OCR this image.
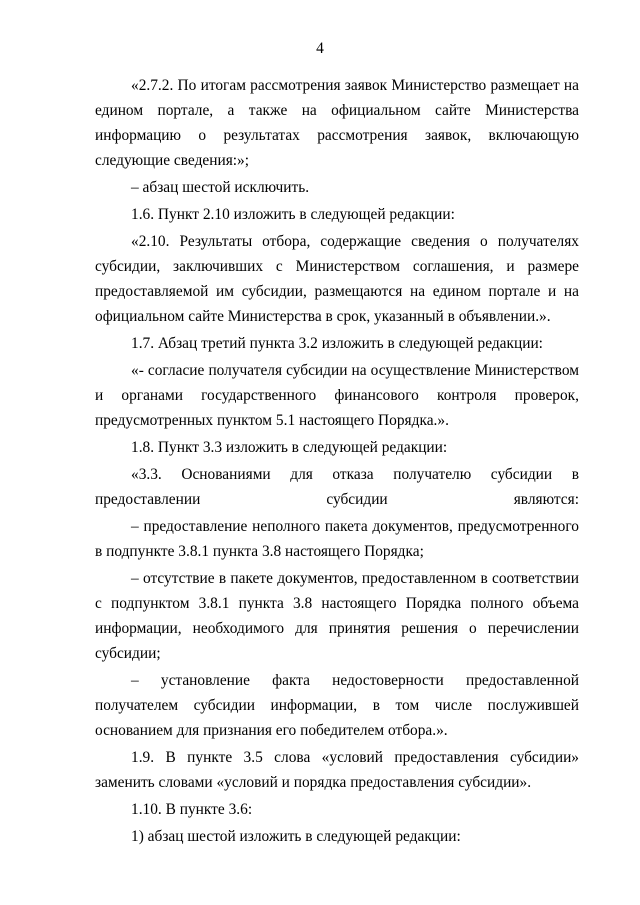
4

«2.7.2. По итогам рассмотрения заявок Министерство размещает на едином портале, а также на официальном сайте Министерства информацию о результатах рассмотрения заявок, включающую следующие сведения:»;

– абзац шестой исключить.

1.6. Пункт 2.10 изложить в следующей редакции:

«2.10. Результаты отбора, содержащие сведения о получателях субсидии, заключивших с Министерством соглашения, и размере предоставляемой им субсидии, размещаются на едином портале и на официальном сайте Министерства в срок, указанный в объявлении.».

1.7. Абзац третий пункта 3.2 изложить в следующей редакции:

«- согласие получателя субсидии на осуществление Министерством и органами государственного финансового контроля проверок, предусмотренных пунктом 5.1 настоящего Порядка.».

1.8. Пункт 3.3 изложить в следующей редакции:

«3.3. Основаниями для отказа получателю субсидии в предоставлении субсидии являются:

– предоставление неполного пакета документов, предусмотренного в подпункте 3.8.1 пункта 3.8 настоящего Порядка;

– отсутствие в пакете документов, предоставленном в соответствии с подпунктом 3.8.1 пункта 3.8 настоящего Порядка полного объема информации, необходимого для принятия решения о перечислении субсидии;

– установление факта недостоверности предоставленной получателем субсидии информации, в том числе послужившей основанием для признания его победителем отбора.».

1.9. В пункте 3.5 слова «условий предоставления субсидии» заменить словами «условий и порядка предоставления субсидии».

1.10. В пункте 3.6:

1) абзац шестой изложить в следующей редакции:
